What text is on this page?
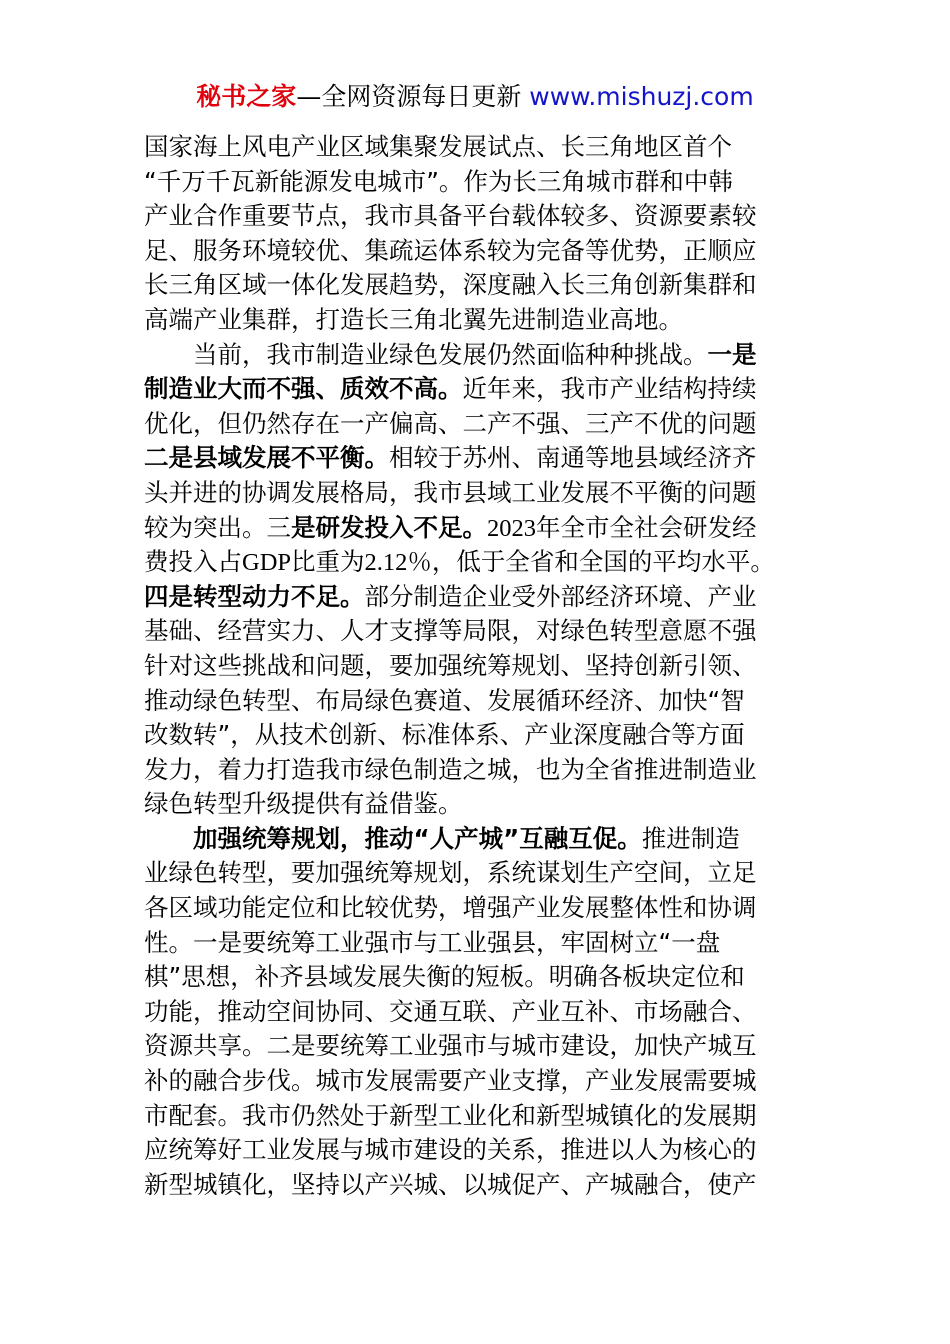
秘书之家—全网资源每日更新 www.mishuzj.com
国家海上风电产业区域集聚发展试点、长三角地区首个
“千万千瓦新能源发电城市”。作为长三角城市群和中韩
产业合作重要节点，我市具备平台载体较多、资源要素较
足、服务环境较优、集疏运体系较为完备等优势，正顺应
长三角区域一体化发展趋势，深度融入长三角创新集群和
高端产业集群，打造长三角北翼先进制造业高地。
当前，我市制造业绿色发展仍然面临种种挑战。一是
制造业大而不强、质效不高。近年来，我市产业结构持续
优化，但仍然存在一产偏高、二产不强、三产不优的问题
二是县域发展不平衡。相较于苏州、南通等地县域经济齐
头并进的协调发展格局，我市县域工业发展不平衡的问题
较为突出。三是研发投入不足。2023年全市全社会研发经
费投入占GDP比重为2.12％，低于全省和全国的平均水平。
四是转型动力不足。部分制造企业受外部经济环境、产业
基础、经营实力、人才支撑等局限，对绿色转型意愿不强
针对这些挑战和问题，要加强统筹规划、坚持创新引领、
推动绿色转型、布局绿色赛道、发展循环经济、加快“智
改数转”，从技术创新、标准体系、产业深度融合等方面
发力，着力打造我市绿色制造之城，也为全省推进制造业
绿色转型升级提供有益借鉴。
加强统筹规划，推动“人产城”互融互促。推进制造
业绿色转型，要加强统筹规划，系统谋划生产空间，立足
各区域功能定位和比较优势，增强产业发展整体性和协调
性。一是要统筹工业强市与工业强县，牢固树立“一盘
棋”思想，补齐县域发展失衡的短板。明确各板块定位和
功能，推动空间协同、交通互联、产业互补、市场融合、
资源共享。二是要统筹工业强市与城市建设，加快产城互
补的融合步伐。城市发展需要产业支撑，产业发展需要城
市配套。我市仍然处于新型工业化和新型城镇化的发展期
应统筹好工业发展与城市建设的关系，推进以人为核心的
新型城镇化，坚持以产兴城、以城促产、产城融合，使产
